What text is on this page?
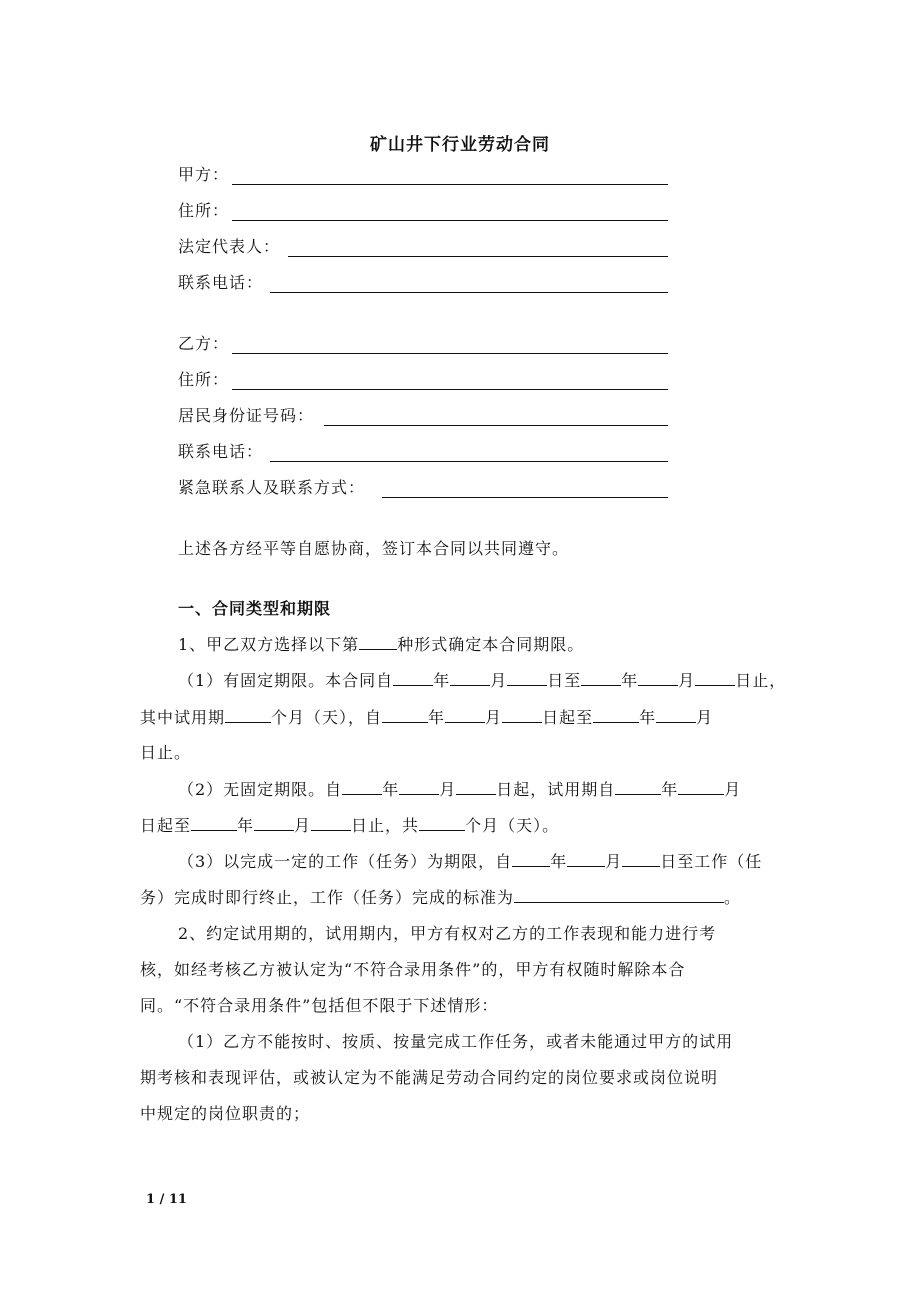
矿山井下行业劳动合同
甲方：
住所：
法定代表人：
联系电话：
乙方：
住所：
居民身份证号码：
联系电话：
紧急联系人及联系方式：
上述各方经平等自愿协商，签订本合同以共同遵守。
一、合同类型和期限
1、甲乙双方选择以下第 种形式确定本合同期限。
（1）有固定期限。本合同自	年	月	日至	年	月	日止，
其中试用期	个月（天），自	年	月	日起至	年	月
日止。
（2）无固定期限。自	年	月	日起，试用期自	年	月
日起至	年	月	日止，共	个月（天）。
（3）以完成一定的工作（任务）为期限，自 年 月 日至工作（任
务）完成时即行终止，工作（任务）完成的标准为	。
2、约定试用期的，试用期内，甲方有权对乙方的工作表现和能力进行考
核，如经考核乙方被认定为“不符合录用条件”的，甲方有权随时解除本合
同。“不符合录用条件”包括但不限于下述情形：
（1）乙方不能按时、按质、按量完成工作任务，或者未能通过甲方的试用
期考核和表现评估，或被认定为不能满足劳动合同约定的岗位要求或岗位说明
中规定的岗位职责的；
1 / 11
